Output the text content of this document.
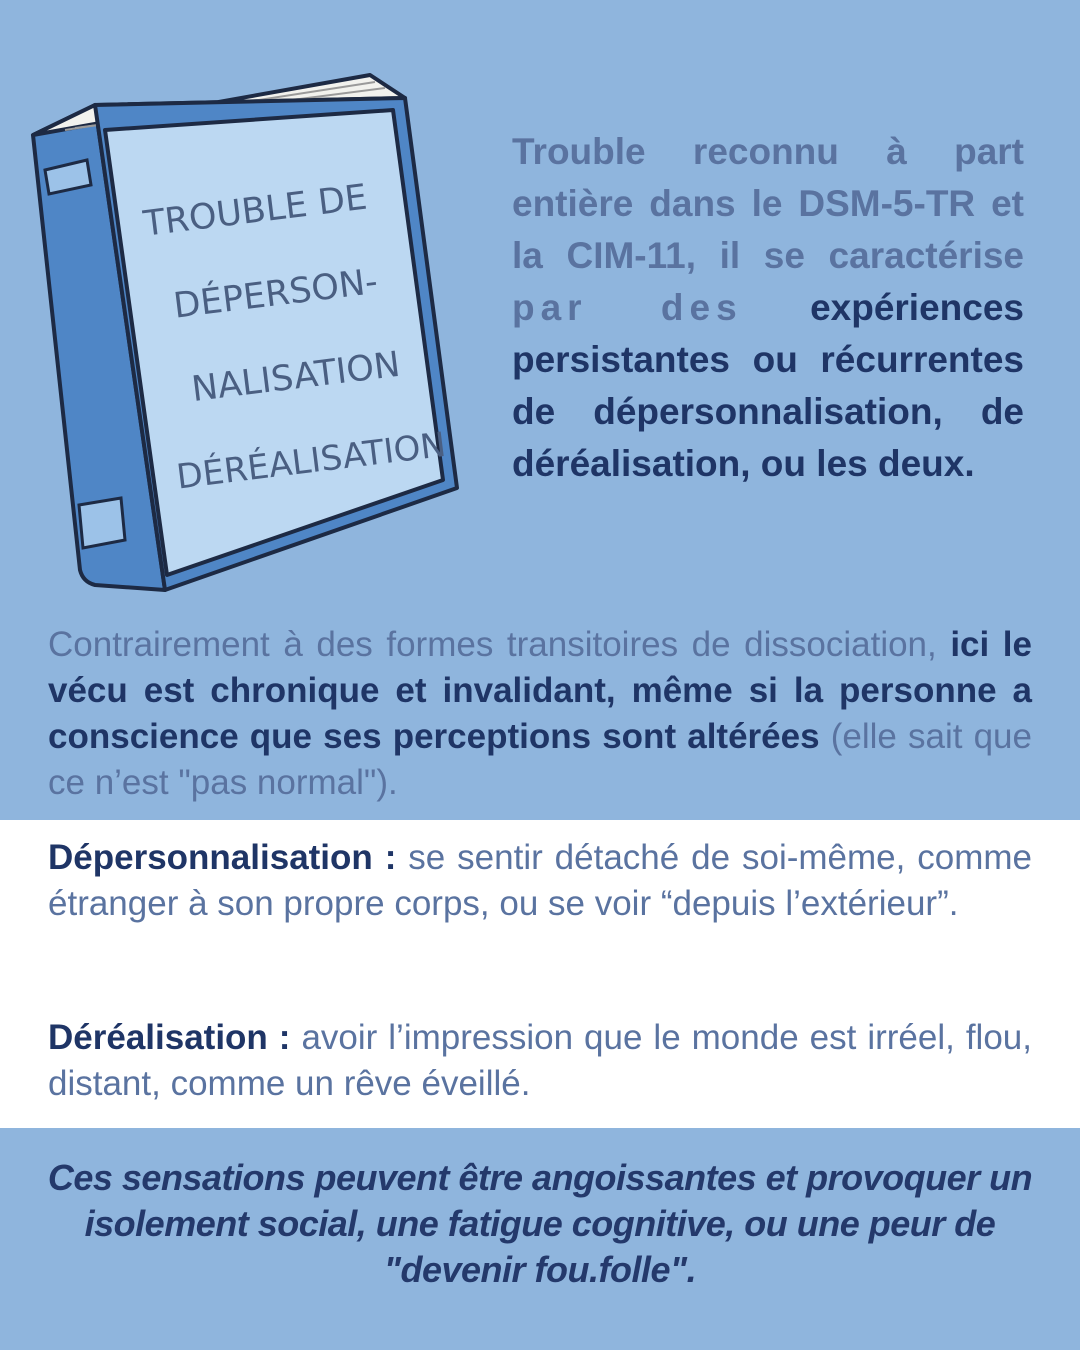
TROUBLE DE
DÉPERSON-
NALISATION
DÉRÉALISATION
Trouble reconnu à part entière dans le DSM-5-TR et la CIM-11, il se caractérise par des expériences persistantes ou récurrentes de dépersonnalisation, de déréalisation, ou les deux.
Contrairement à des formes transitoires de dissociation, ici le vécu est chronique et invalidant, même si la personne a conscience que ses perceptions sont altérées (elle sait que ce n’est "pas normal").
Dépersonnalisation : se sentir détaché de soi-même, comme étranger à son propre corps, ou se voir “depuis l’extérieur”.
Déréalisation : avoir l’impression que le monde est irréel, flou, distant, comme un rêve éveillé.
Ces sensations peuvent être angoissantes et provoquer un isolement social, une fatigue cognitive, ou une peur de "devenir fou.folle".
